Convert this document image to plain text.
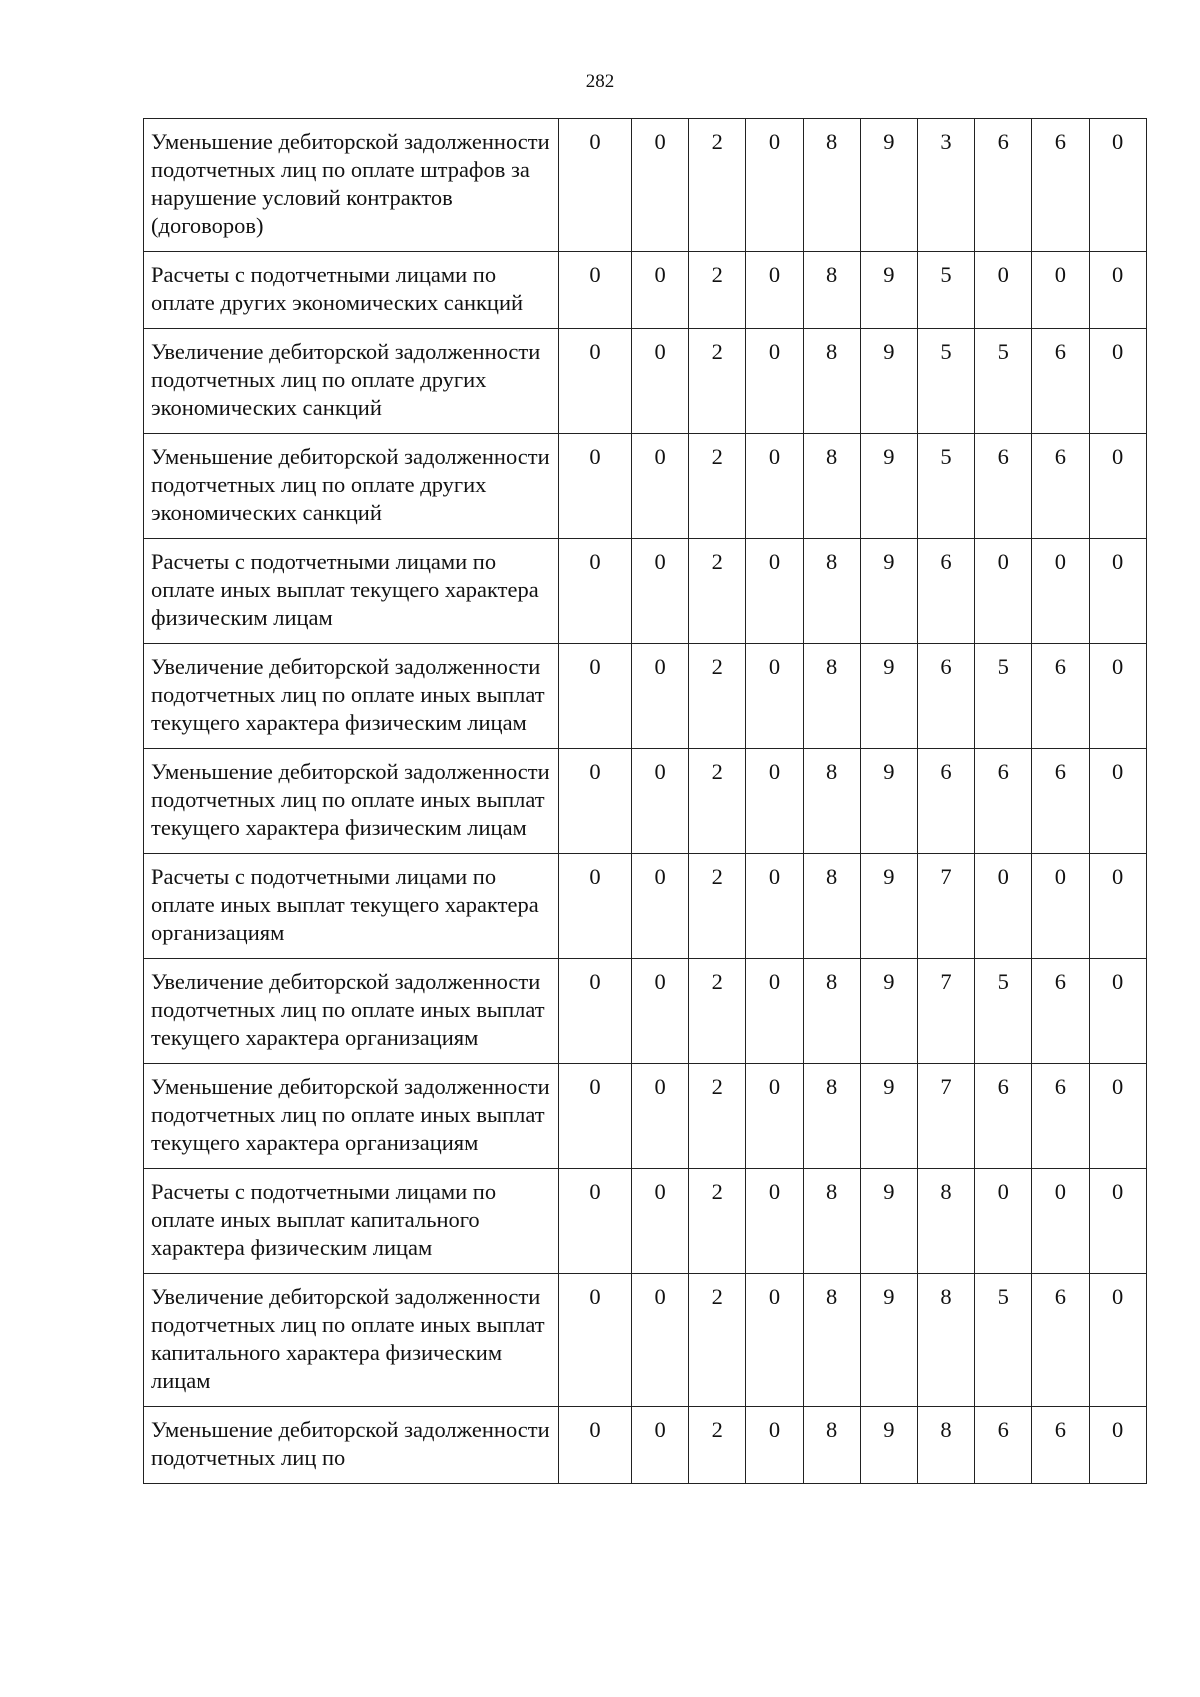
282
Уменьшение дебиторской задолженности подотчетных лиц по оплате штрафов за нарушение условий контрактов (договоров)	0	0	2	0	8	9	3	6	6	0
Расчеты с подотчетными лицами по оплате других экономических санкций	0	0	2	0	8	9	5	0	0	0
Увеличение дебиторской задолженности подотчетных лиц по оплате других экономических санкций	0	0	2	0	8	9	5	5	6	0
Уменьшение дебиторской задолженности подотчетных лиц по оплате других экономических санкций	0	0	2	0	8	9	5	6	6	0
Расчеты с подотчетными лицами по оплате иных выплат текущего характера физическим лицам	0	0	2	0	8	9	6	0	0	0
Увеличение дебиторской задолженности подотчетных лиц по оплате иных выплат текущего характера физическим лицам	0	0	2	0	8	9	6	5	6	0
Уменьшение дебиторской задолженности подотчетных лиц по оплате иных выплат текущего характера физическим лицам	0	0	2	0	8	9	6	6	6	0
Расчеты с подотчетными лицами по оплате иных выплат текущего характера организациям	0	0	2	0	8	9	7	0	0	0
Увеличение дебиторской задолженности подотчетных лиц по оплате иных выплат текущего характера организациям	0	0	2	0	8	9	7	5	6	0
Уменьшение дебиторской задолженности подотчетных лиц по оплате иных выплат текущего характера организациям	0	0	2	0	8	9	7	6	6	0
Расчеты с подотчетными лицами по оплате иных выплат капитального характера физическим лицам	0	0	2	0	8	9	8	0	0	0
Увеличение дебиторской задолженности подотчетных лиц по оплате иных выплат капитального характера физическим лицам	0	0	2	0	8	9	8	5	6	0
Уменьшение дебиторской задолженности подотчетных лиц по	0	0	2	0	8	9	8	6	6	0
